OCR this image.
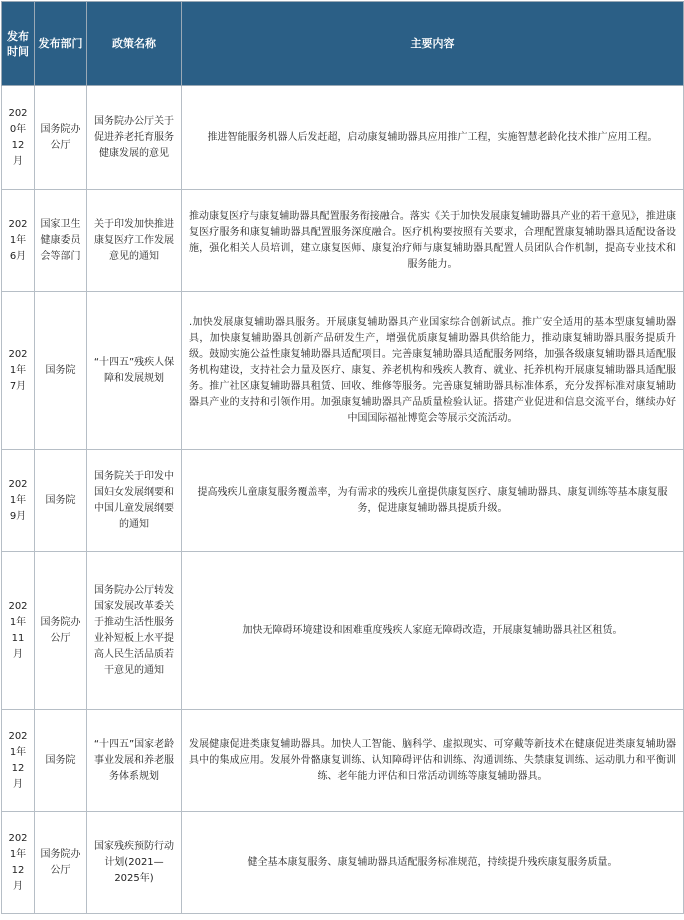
发布时间	发布部门	政策名称	主要内容
2020年12月	国务院办公厅	国务院办公厅关于促进养老托育服务健康发展的意见	推进智能服务机器人后发赶超，启动康复辅助器具应用推广工程，实施智慧老龄化技术推广应用工程。
2021年6月	国家卫生健康委员会等部门	关于印发加快推进康复医疗工作发展意见的通知	推动康复医疗与康复辅助器具配置服务衔接融合。落实《关于加快发展康复辅助器具产业的若干意见》，推进康复医疗服务和康复辅助器具配置服务深度融合。医疗机构要按照有关要求，合理配置康复辅助器具适配设备设施，强化相关人员培训，建立康复医师、康复治疗师与康复辅助器具配置人员团队合作机制，提高专业技术和服务能力。
2021年7月	国务院	“十四五”残疾人保障和发展规划	.加快发展康复辅助器具服务。开展康复辅助器具产业国家综合创新试点。推广安全适用的基本型康复辅助器具，加快康复辅助器具创新产品研发生产，增强优质康复辅助器具供给能力，推动康复辅助器具服务提质升级。鼓励实施公益性康复辅助器具适配项目。完善康复辅助器具适配服务网络，加强各级康复辅助器具适配服务机构建设，支持社会力量及医疗、康复、养老机构和残疾人教育、就业、托养机构开展康复辅助器具适配服务。推广社区康复辅助器具租赁、回收、维修等服务。完善康复辅助器具标准体系，充分发挥标准对康复辅助器具产业的支持和引领作用。加强康复辅助器具产品质量检验认证。搭建产业促进和信息交流平台，继续办好中国国际福祉博览会等展示交流活动。
2021年9月	国务院	国务院关于印发中国妇女发展纲要和中国儿童发展纲要的通知	提高残疾儿童康复服务覆盖率，为有需求的残疾儿童提供康复医疗、康复辅助器具、康复训练等基本康复服务，促进康复辅助器具提质升级。
2021年11月	国务院办公厅	国务院办公厅转发国家发展改革委关于推动生活性服务业补短板上水平提高人民生活品质若干意见的通知	加快无障碍环境建设和困难重度残疾人家庭无障碍改造，开展康复辅助器具社区租赁。
2021年12月	国务院	“十四五”国家老龄事业发展和养老服务体系规划	发展健康促进类康复辅助器具。加快人工智能、脑科学、虚拟现实、可穿戴等新技术在健康促进类康复辅助器具中的集成应用。发展外骨骼康复训练、认知障碍评估和训练、沟通训练、失禁康复训练、运动肌力和平衡训练、老年能力评估和日常活动训练等康复辅助器具。
2021年12月	国务院办公厅	国家残疾预防行动计划(2021—2025年)	健全基本康复服务、康复辅助器具适配服务标准规范，持续提升残疾康复服务质量。
